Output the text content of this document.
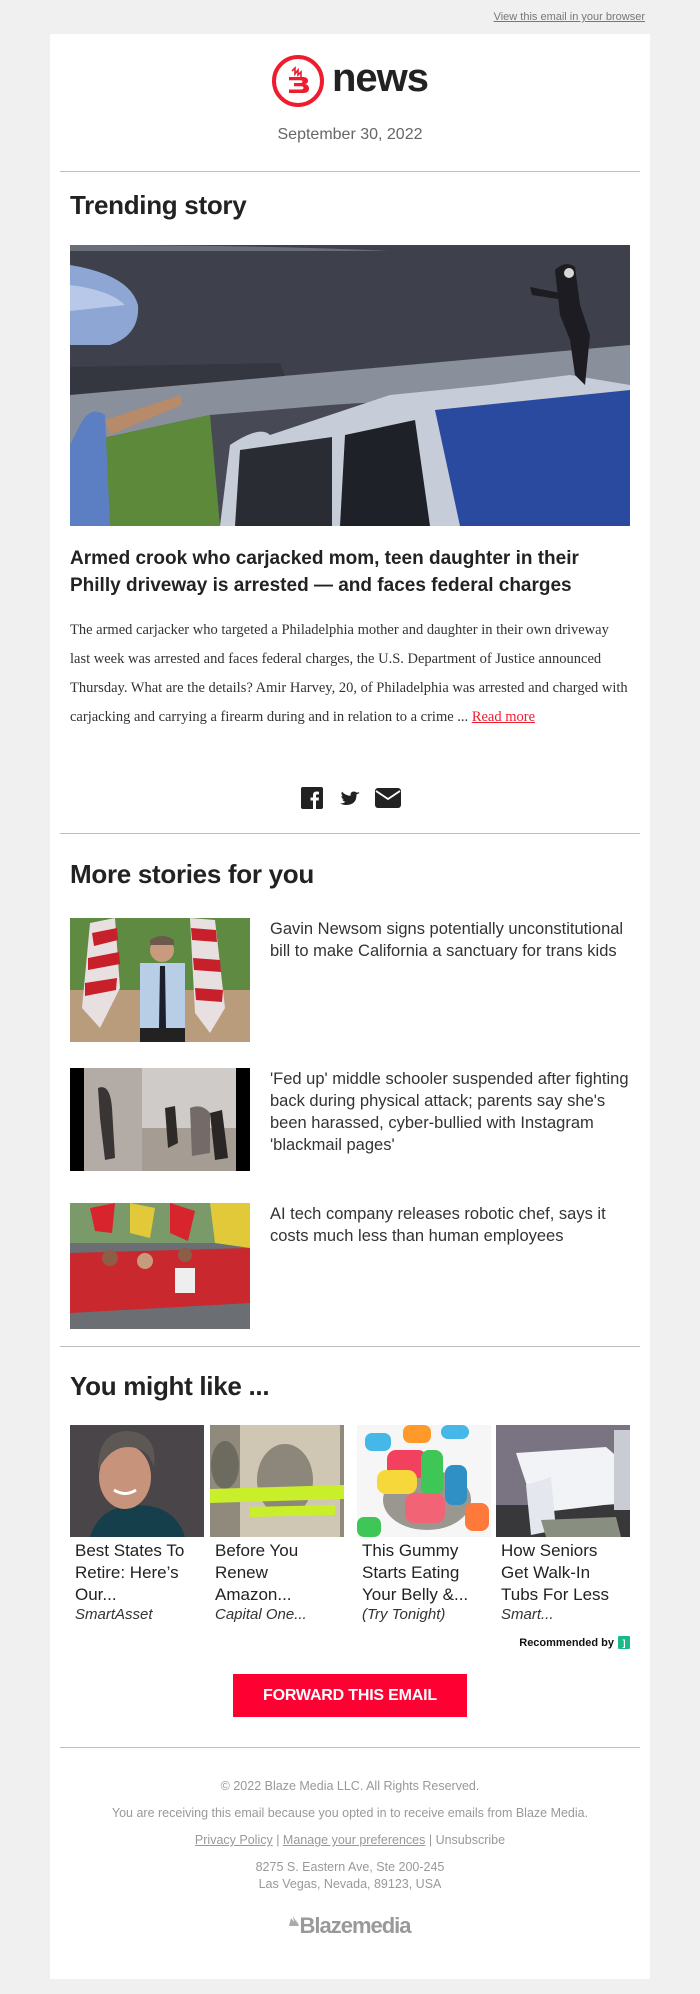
View this email in your browser
news
September 30, 2022
Trending story
Armed crook who carjacked mom, teen daughter in their Philly driveway is arrested — and faces federal charges
The armed carjacker who targeted a Philadelphia mother and daughter in their own driveway last week was arrested and faces federal charges, the U.S. Department of Justice announced Thursday. What are the details? Amir Harvey, 20, of Philadelphia was arrested and charged with carjacking and carrying a firearm during and in relation to a crime ... Read more
More stories for you
Gavin Newsom signs potentially unconstitutional bill to make California a sanctuary for trans kids
'Fed up' middle schooler suspended after fighting back during physical attack; parents say she's been harassed, cyber-bullied with Instagram 'blackmail pages'
AI tech company releases robotic chef, says it costs much less than human employees
You might like ...
Best States To Retire: Here’s Our...
SmartAsset
Before You Renew Amazon...
Capital One...
This Gummy Starts Eating Your Belly &...
(Try Tonight)
How Seniors Get Walk-In Tubs For Less
Smart...
Recommended by ]
FORWARD THIS EMAIL
© 2022 Blaze Media LLC. All Rights Reserved.
You are receiving this email because you opted in to receive emails from Blaze Media.
Privacy Policy | Manage your preferences | Unsubscribe
8275 S. Eastern Ave, Ste 200-245
Las Vegas, Nevada, 89123, USA
Blazemedia
